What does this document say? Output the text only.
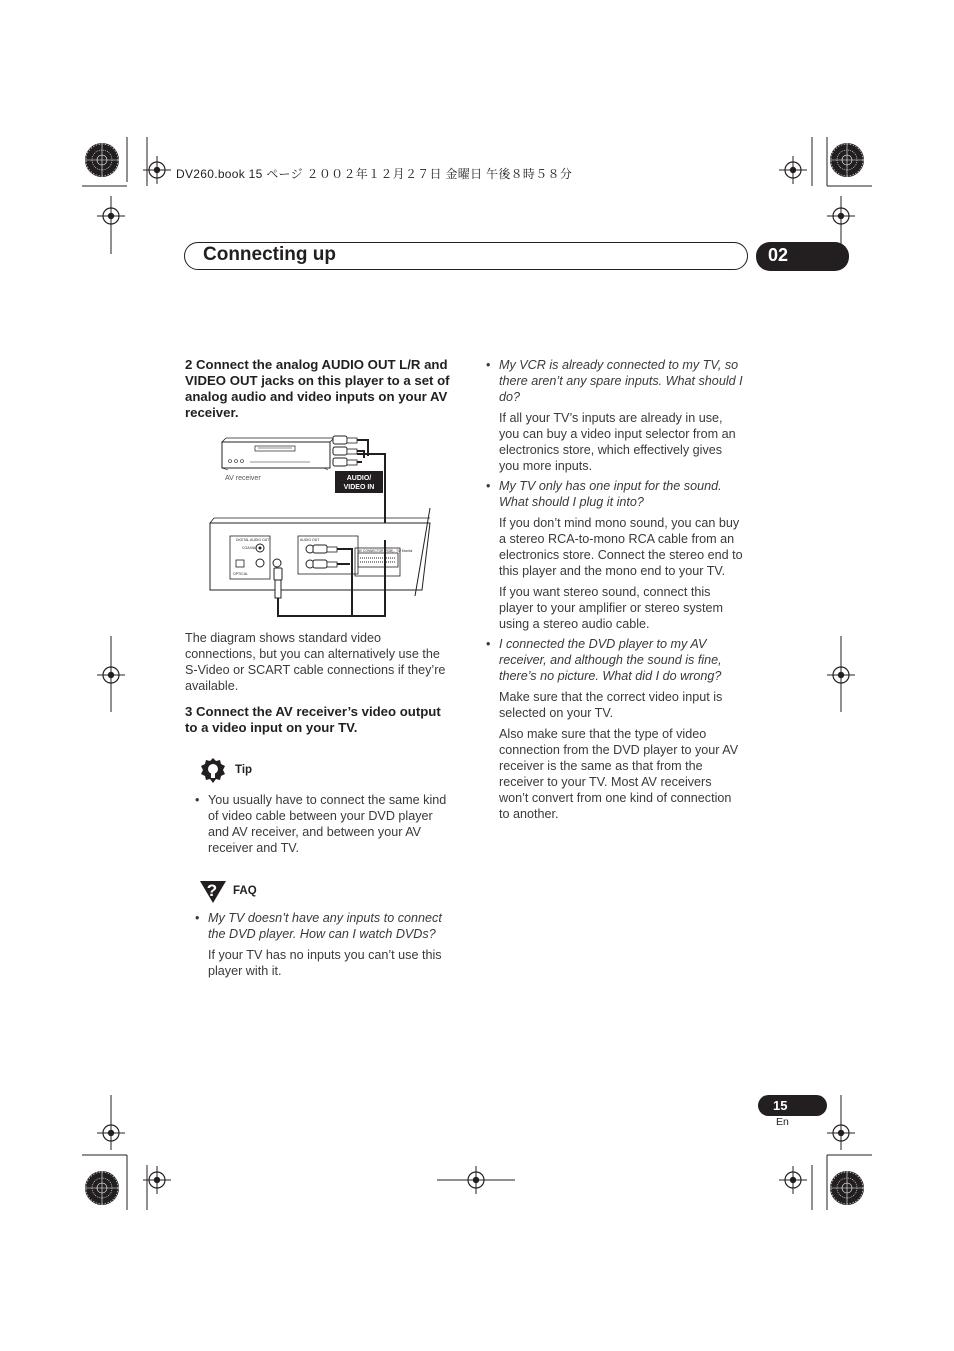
DV260.book 15 ページ ２００２年１２月２７日 金曜日 午後８時５８分
Connecting up	02
2 Connect the analog AUDIO OUT L/R and VIDEO OUT jacks on this player to a set of analog audio and video inputs on your AV receiver.
AV receiver	AUDIO/
VIDEO IN
DIGITAL AUDIO OUT
COAXIAL
OPTICAL
AUDIO OUT
AV CONNECTOR (RGB) - TV/ Monitor
The diagram shows standard video connections, but you can alternatively use the S-Video or SCART cable connections if they’re available.
3 Connect the AV receiver’s video output to a video input on your TV.
Tip
• You usually have to connect the same kind of video cable between your DVD player and AV receiver, and between your AV receiver and TV.
? FAQ
• My TV doesn’t have any inputs to connect the DVD player. How can I watch DVDs?
If your TV has no inputs you can’t use this player with it.
• My VCR is already connected to my TV, so there aren’t any spare inputs. What should I do?
If all your TV’s inputs are already in use, you can buy a video input selector from an electronics store, which effectively gives you more inputs.
• My TV only has one input for the sound. What should I plug it into?
If you don’t mind mono sound, you can buy a stereo RCA-to-mono RCA cable from an electronics store. Connect the stereo end to this player and the mono end to your TV.
If you want stereo sound, connect this player to your amplifier or stereo system using a stereo audio cable.
• I connected the DVD player to my AV receiver, and although the sound is fine, there’s no picture. What did I do wrong?
Make sure that the correct video input is selected on your TV.
Also make sure that the type of video connection from the DVD player to your AV receiver is the same as that from the receiver to your TV. Most AV receivers won’t convert from one kind of connection to another.
15
En
